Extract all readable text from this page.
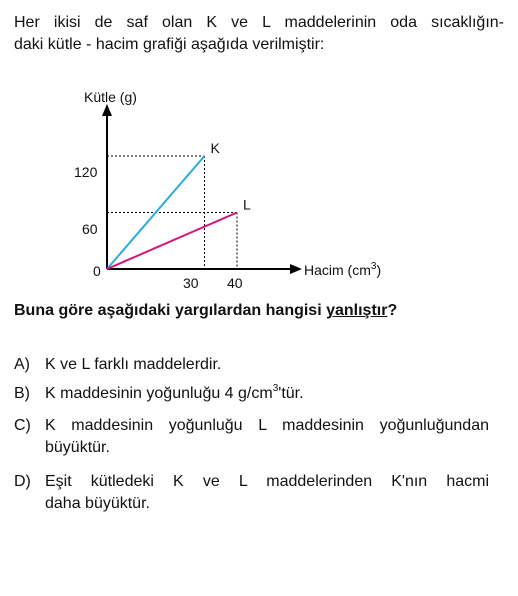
Her ikisi de saf olan K ve L maddelerinin oda sıcaklığın-
daki kütle - hacim grafiği aşağıda verilmiştir:
Kütle (g)
Hacim $(cm^3)$
0
120
60
30 40
K
L
Buna göre aşağıdaki yargılardan hangisi yanlıştır?
A) K ve L farklı maddelerdir.
B) K maddesinin yoğunluğu 4 $g/cm^3'tür$.
C) K maddesinin yoğunluğu L maddesinin yoğunluğundan
büyüktür.
D) Eşit kütledeki K ve L maddelerinden K'nın hacmi
daha büyüktür.
